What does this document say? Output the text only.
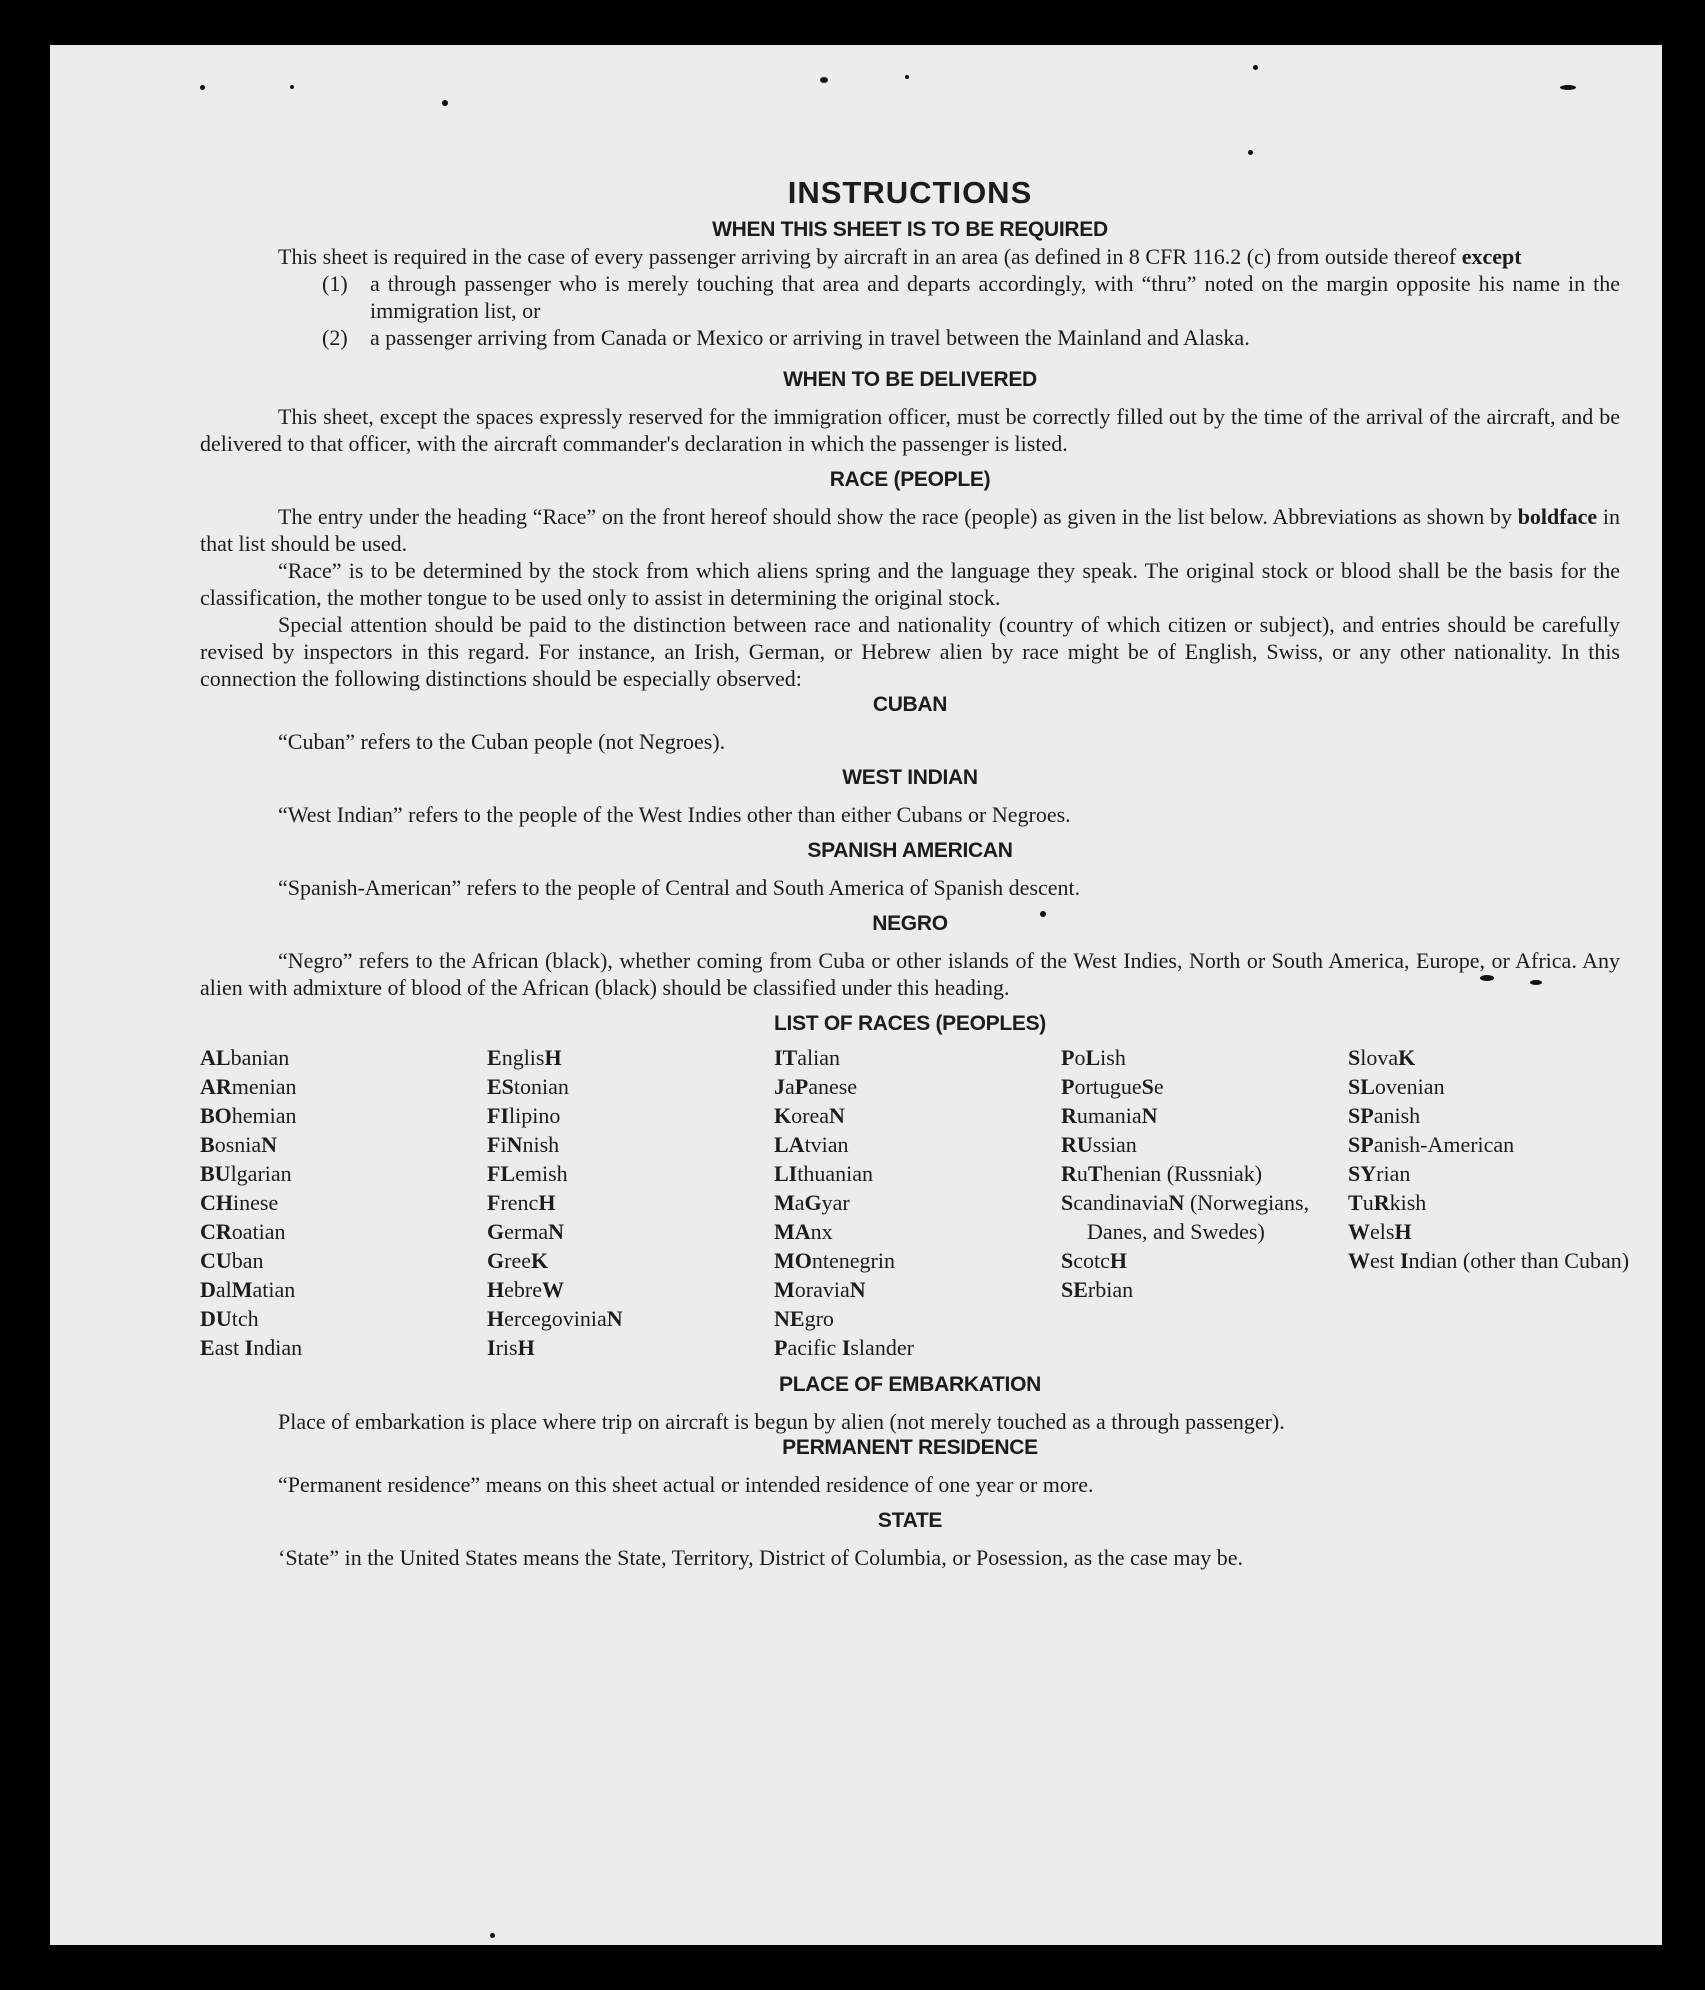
INSTRUCTIONS
WHEN THIS SHEET IS TO BE REQUIRED

This sheet is required in the case of every passenger arriving by aircraft in an area (as defined in 8 CFR 116.2 (c) from outside thereof except

(1)	a through passenger who is merely touching that area and departs accordingly, with “thru” noted on the margin opposite his name in the immigration list, or
(2)	a passenger arriving from Canada or Mexico or arriving in travel between the Mainland and Alaska.
WHEN TO BE DELIVERED

This sheet, except the spaces expressly reserved for the immigration officer, must be correctly filled out by the time of the arrival of the aircraft, and be delivered to that officer, with the aircraft commander's declaration in which the passenger is listed.

RACE (PEOPLE)

The entry under the heading “Race” on the front hereof should show the race (people) as given in the list below. Abbreviations as shown by boldface in that list should be used.

“Race” is to be determined by the stock from which aliens spring and the language they speak. The original stock or blood shall be the basis for the classification, the mother tongue to be used only to assist in determining the original stock.

Special attention should be paid to the distinction between race and nationality (country of which citizen or subject), and entries should be carefully revised by inspectors in this regard. For instance, an Irish, German, or Hebrew alien by race might be of English, Swiss, or any other nationality. In this connection the following distinctions should be especially observed:

CUBAN

“Cuban” refers to the Cuban people (not Negroes).

WEST INDIAN

“West Indian” refers to the people of the West Indies other than either Cubans or Negroes.

SPANISH AMERICAN

“Spanish-American” refers to the people of Central and South America of Spanish descent.

NEGRO

“Negro” refers to the African (black), whether coming from Cuba or other islands of the West Indies, North or South America, Europe, or Africa. Any alien with admixture of blood of the African (black) should be classified under this heading.

LIST OF RACES (PEOPLES)
ALbanian
ARmenian
BOhemian
BosniaN
BUlgarian
CHinese
CRoatian
CUban
DalMatian
DUtch
East Indian
EnglisH
EStonian
FIlipino
FiNnish
FLemish
FrencH
GermaN
GreeK
HebreW
HercegoviniaN
IrisH
ITalian
JaPanese
KoreaN
LAtvian
LIthuanian
MaGyar
MAnx
MOntenegrin
MoraviaN
NEgro
Pacific Islander
PoLish
PortugueSe
RumaniaN
RUssian
RuThenian (Russniak)
ScandinaviaN (Norwegians, Danes, and Swedes)
ScotcH
SErbian
SlovaK
SLovenian
SPanish
SPanish-American
SYrian
TuRkish
WelsH
West Indian (other than Cuban)
PLACE OF EMBARKATION

Place of embarkation is place where trip on aircraft is begun by alien (not merely touched as a through passenger).

PERMANENT RESIDENCE

“Permanent residence” means on this sheet actual or intended residence of one year or more.

STATE

‘State” in the United States means the State, Territory, District of Columbia, or Posession, as the case may be.
